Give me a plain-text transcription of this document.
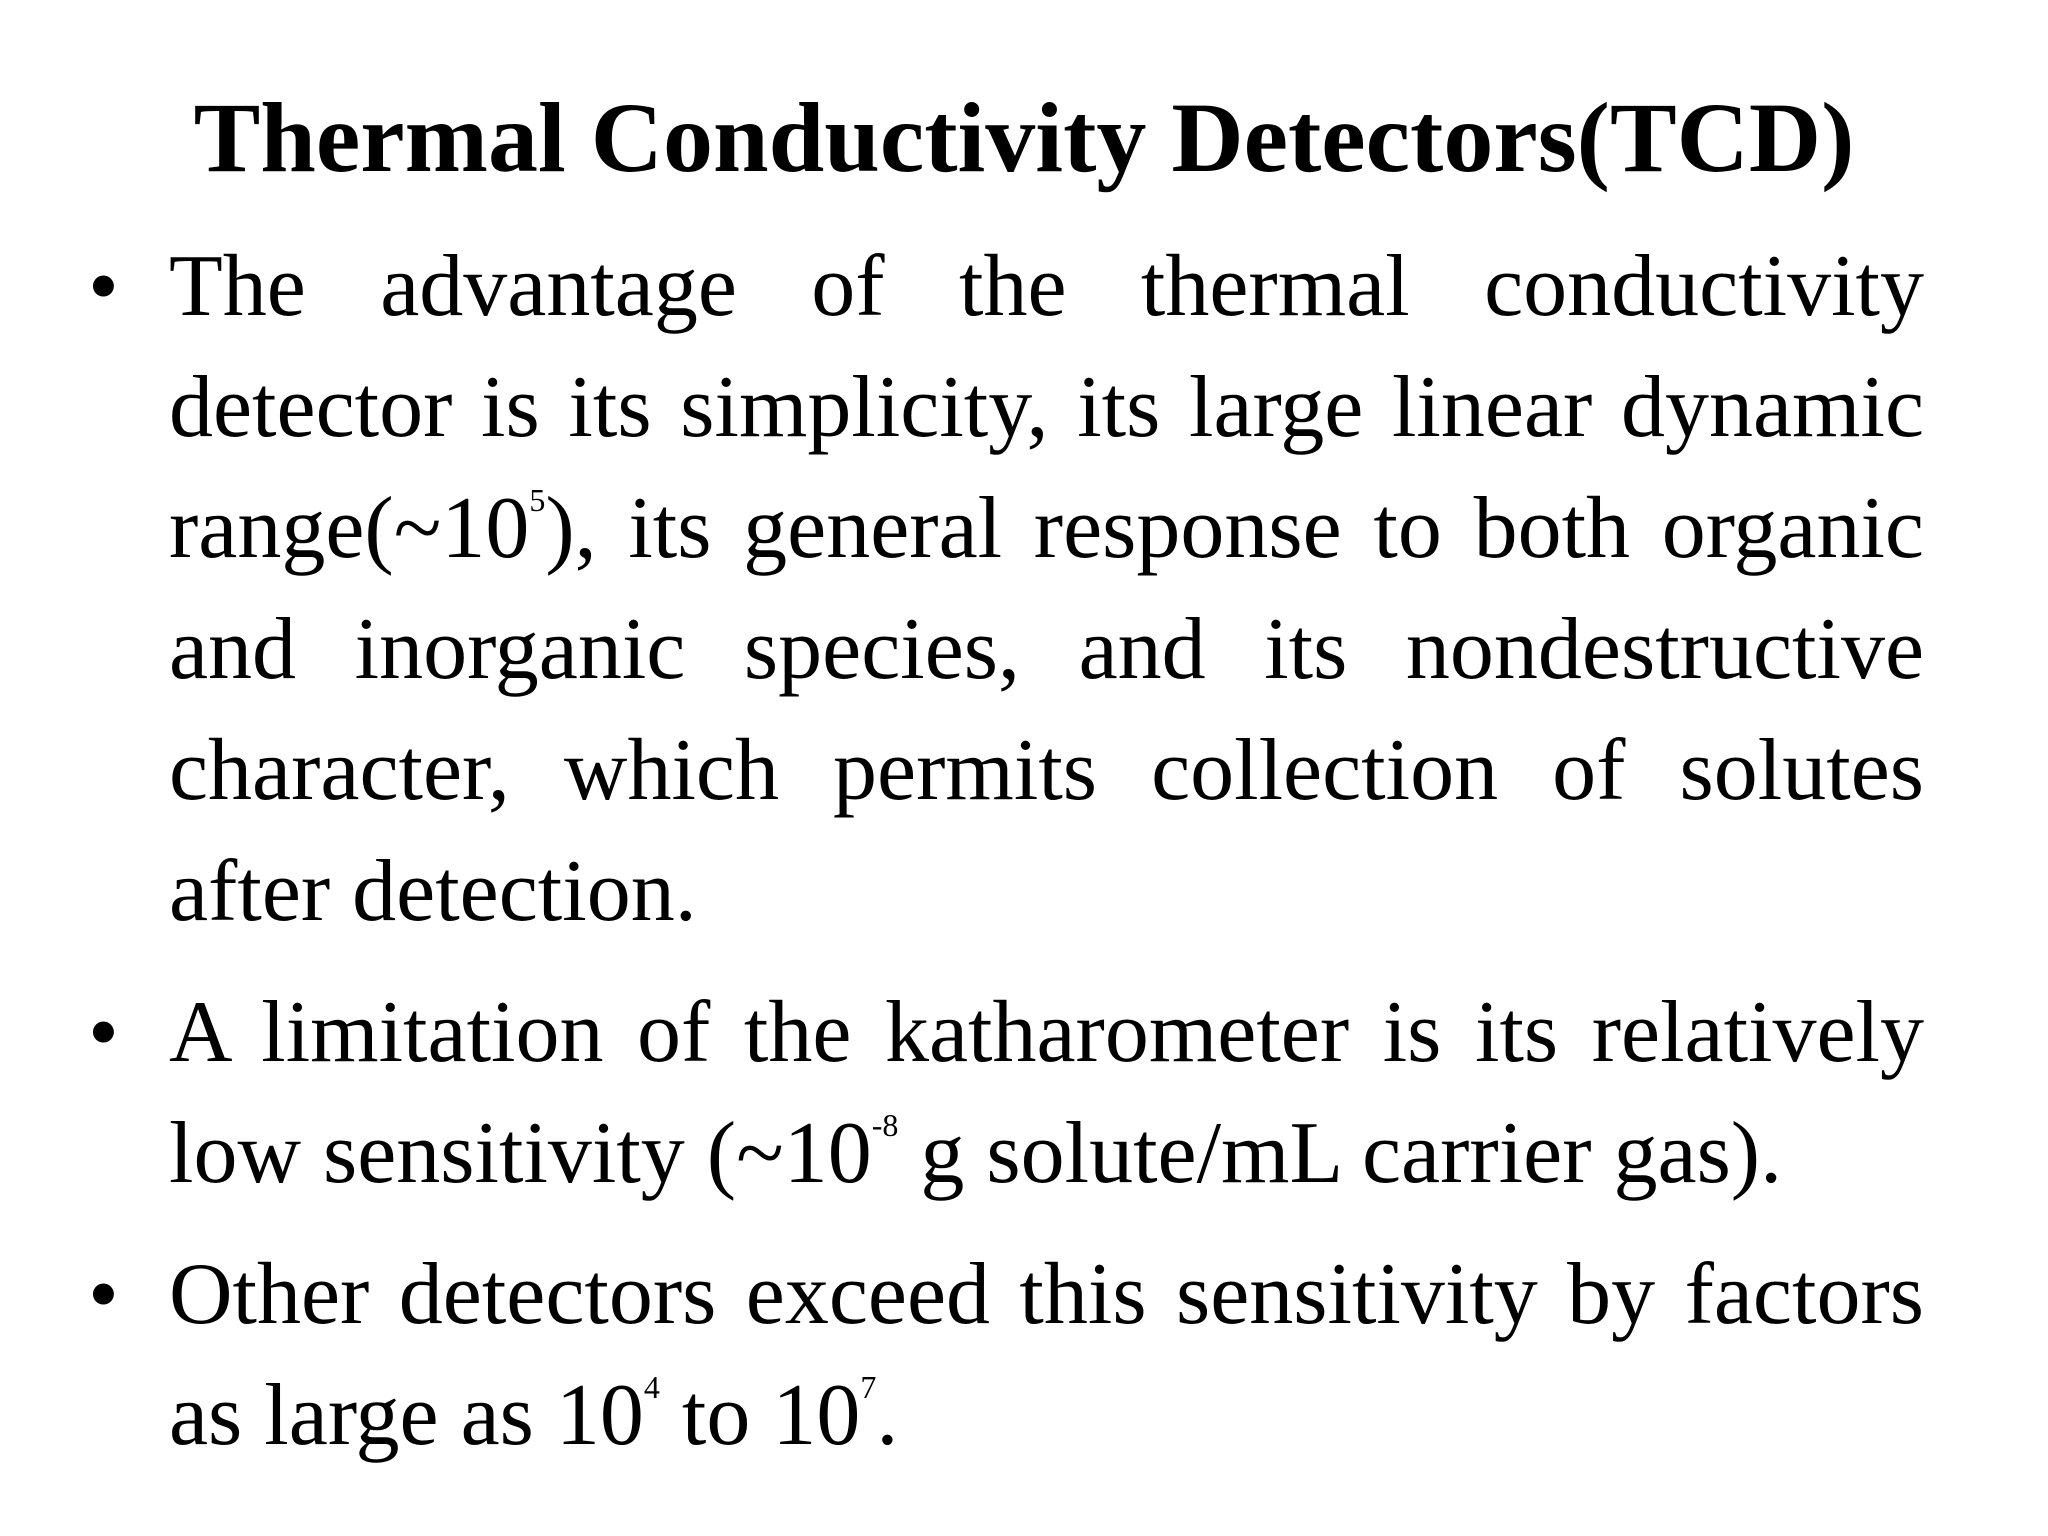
Thermal Conductivity Detectors(TCD)
• The advantage of the thermal conductivity detector is its simplicity, its large linear dynamic $range(\sim 10^5)$, its general response to both organic and inorganic species, and its nondestructive character, which permits collection of solutes after detection.
• A limitation of the katharometer is its relatively low sensitivity ($\sim 10^{-8}$ g solute/mL carrier gas).
• Other detectors exceed this sensitivity by factors as large as $10^4$ to $10^7$.
